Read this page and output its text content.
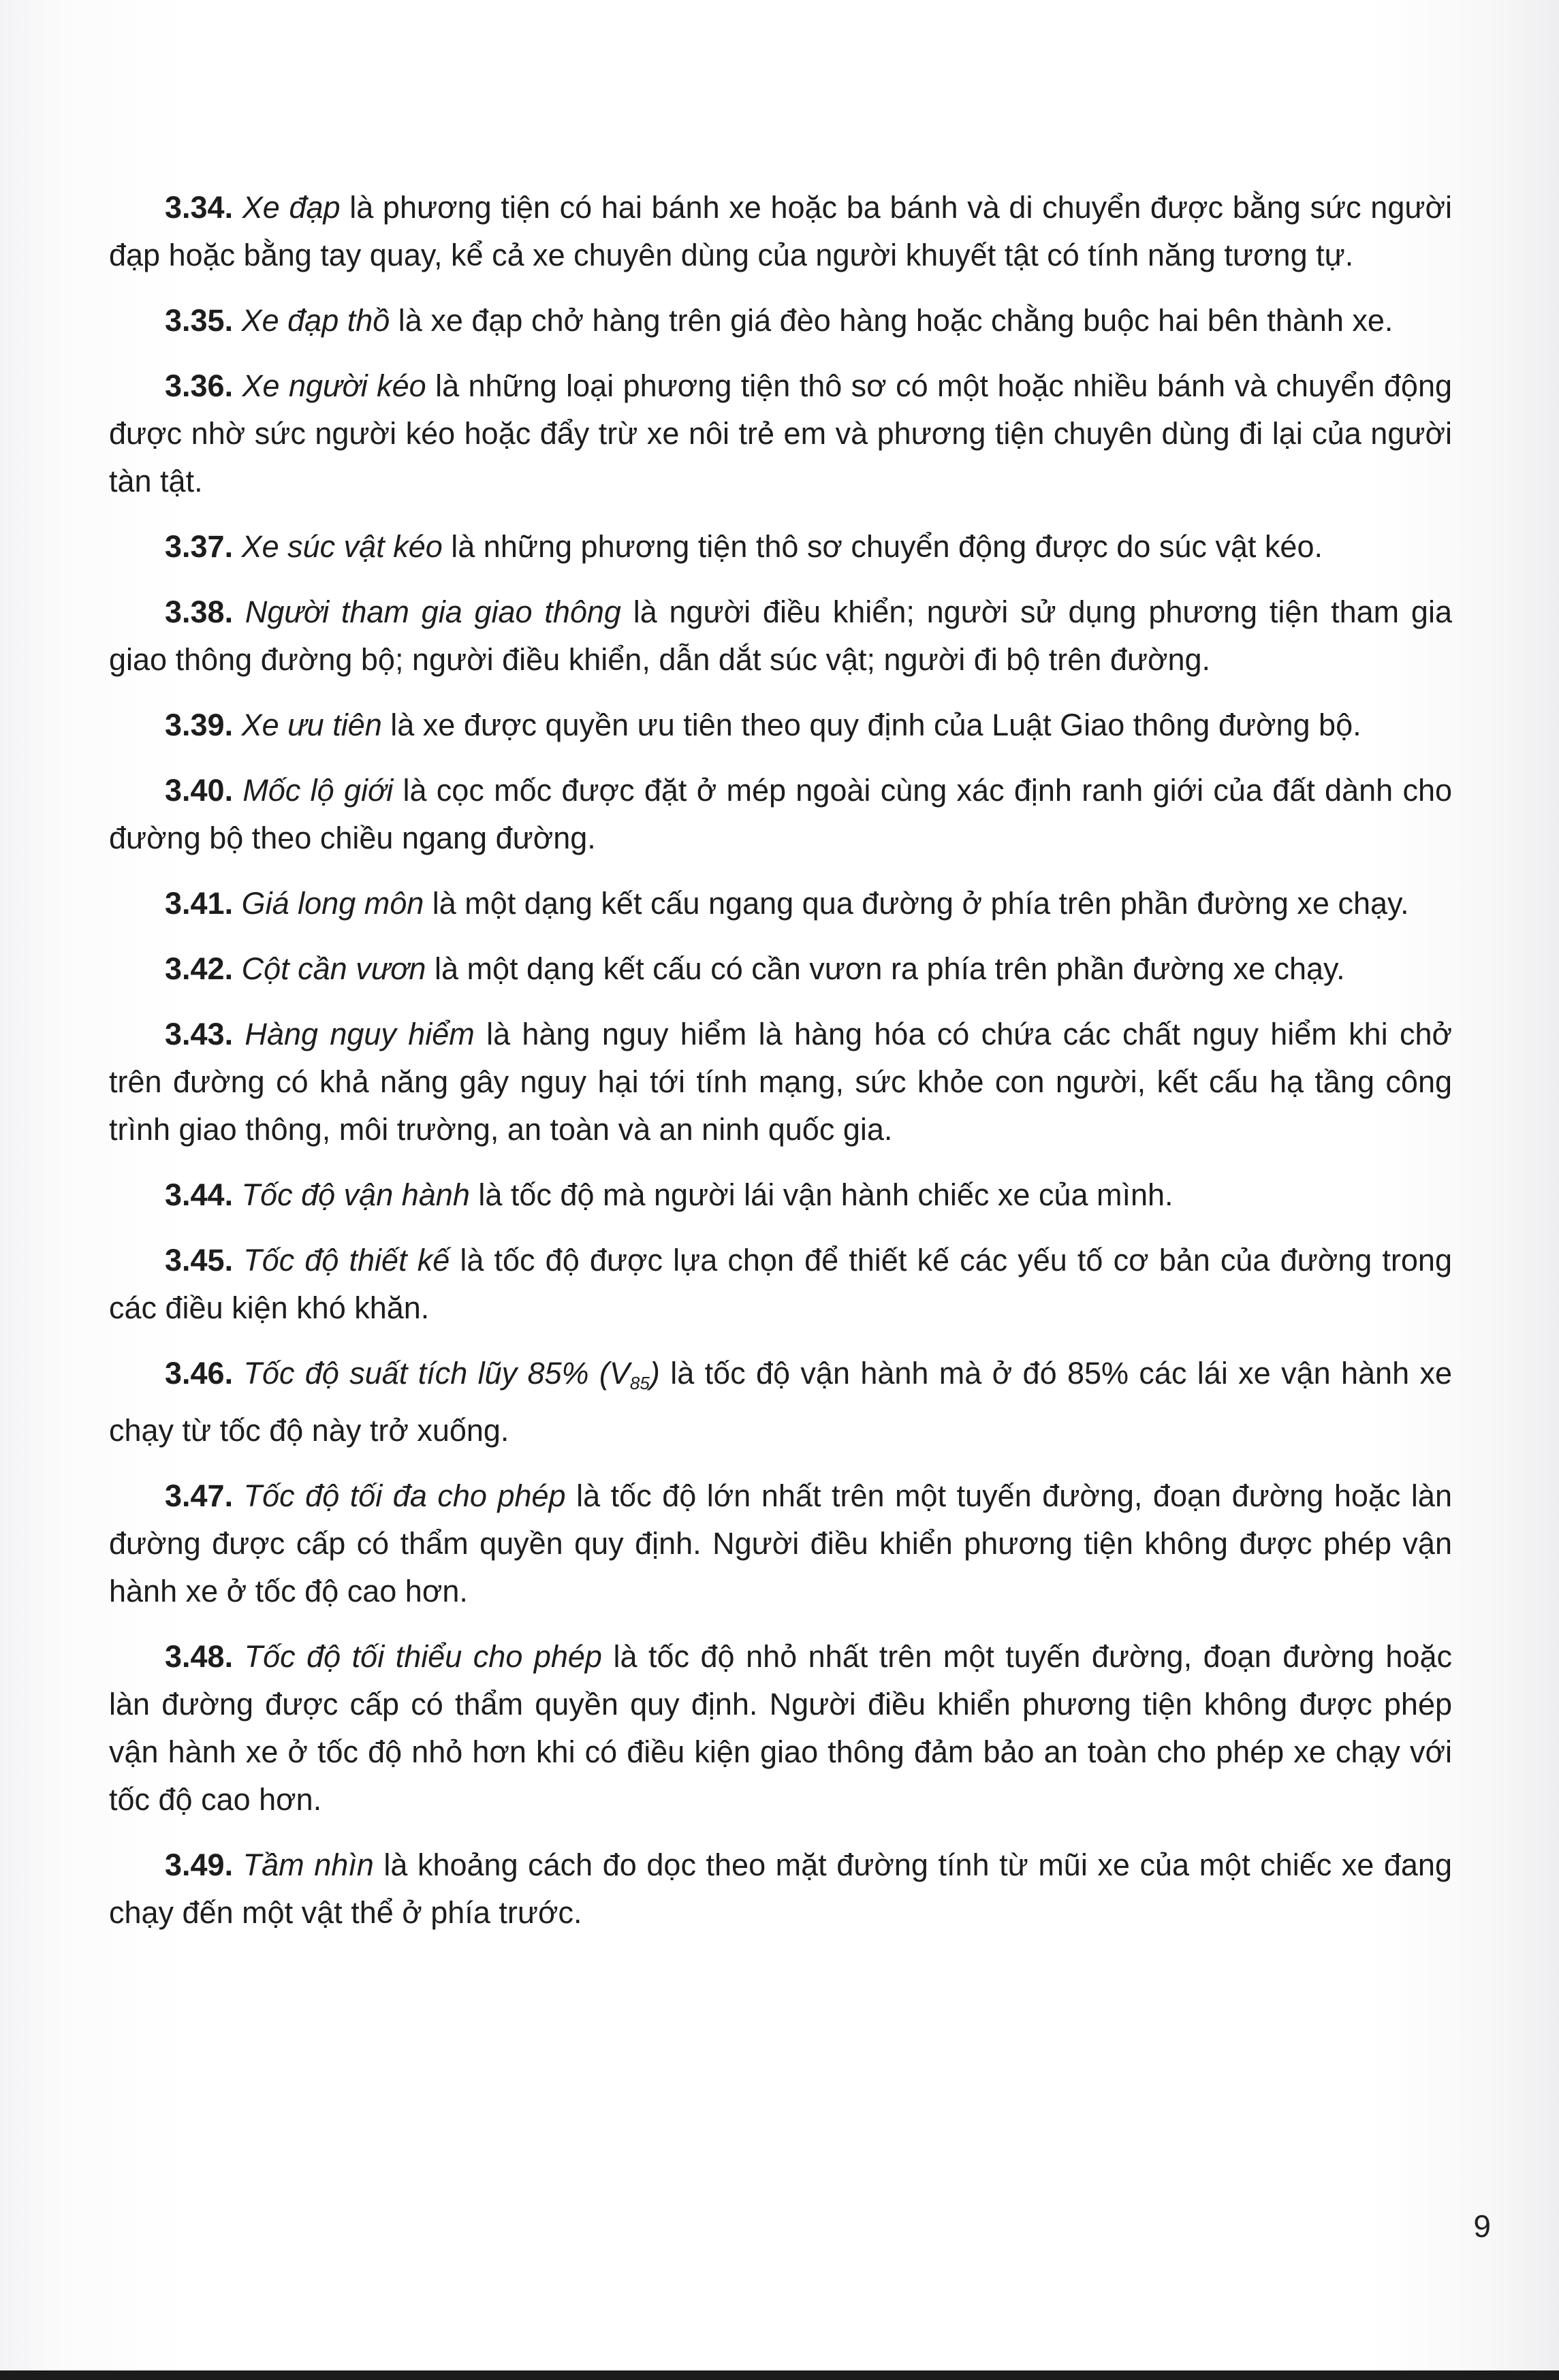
3.34. Xe đạp là phương tiện có hai bánh xe hoặc ba bánh và di chuyển được bằng sức người đạp hoặc bằng tay quay, kể cả xe chuyên dùng của người khuyết tật có tính năng tương tự.

3.35. Xe đạp thồ là xe đạp chở hàng trên giá đèo hàng hoặc chằng buộc hai bên thành xe.

3.36. Xe người kéo là những loại phương tiện thô sơ có một hoặc nhiều bánh và chuyển động được nhờ sức người kéo hoặc đẩy trừ xe nôi trẻ em và phương tiện chuyên dùng đi lại của người tàn tật.

3.37. Xe súc vật kéo là những phương tiện thô sơ chuyển động được do súc vật kéo.

3.38. Người tham gia giao thông là người điều khiển; người sử dụng phương tiện tham gia giao thông đường bộ; người điều khiển, dẫn dắt súc vật; người đi bộ trên đường.

3.39. Xe ưu tiên là xe được quyền ưu tiên theo quy định của Luật Giao thông đường bộ.

3.40. Mốc lộ giới là cọc mốc được đặt ở mép ngoài cùng xác định ranh giới của đất dành cho đường bộ theo chiều ngang đường.

3.41. Giá long môn là một dạng kết cấu ngang qua đường ở phía trên phần đường xe chạy.

3.42. Cột cần vươn là một dạng kết cấu có cần vươn ra phía trên phần đường xe chạy.

3.43. Hàng nguy hiểm là hàng nguy hiểm là hàng hóa có chứa các chất nguy hiểm khi chở trên đường có khả năng gây nguy hại tới tính mạng, sức khỏe con người, kết cấu hạ tầng công trình giao thông, môi trường, an toàn và an ninh quốc gia.

3.44. Tốc độ vận hành là tốc độ mà người lái vận hành chiếc xe của mình.

3.45. Tốc độ thiết kế là tốc độ được lựa chọn để thiết kế các yếu tố cơ bản của đường trong các điều kiện khó khăn.

3.46. Tốc độ suất tích lũy 85% $(V_{85})$ là tốc độ vận hành mà ở đó 85% các lái xe vận hành xe chạy từ tốc độ này trở xuống.

3.47. Tốc độ tối đa cho phép là tốc độ lớn nhất trên một tuyến đường, đoạn đường hoặc làn đường được cấp có thẩm quyền quy định. Người điều khiển phương tiện không được phép vận hành xe ở tốc độ cao hơn.

3.48. Tốc độ tối thiểu cho phép là tốc độ nhỏ nhất trên một tuyến đường, đoạn đường hoặc làn đường được cấp có thẩm quyền quy định. Người điều khiển phương tiện không được phép vận hành xe ở tốc độ nhỏ hơn khi có điều kiện giao thông đảm bảo an toàn cho phép xe chạy với tốc độ cao hơn.

3.49. Tầm nhìn là khoảng cách đo dọc theo mặt đường tính từ mũi xe của một chiếc xe đang chạy đến một vật thể ở phía trước.

9
